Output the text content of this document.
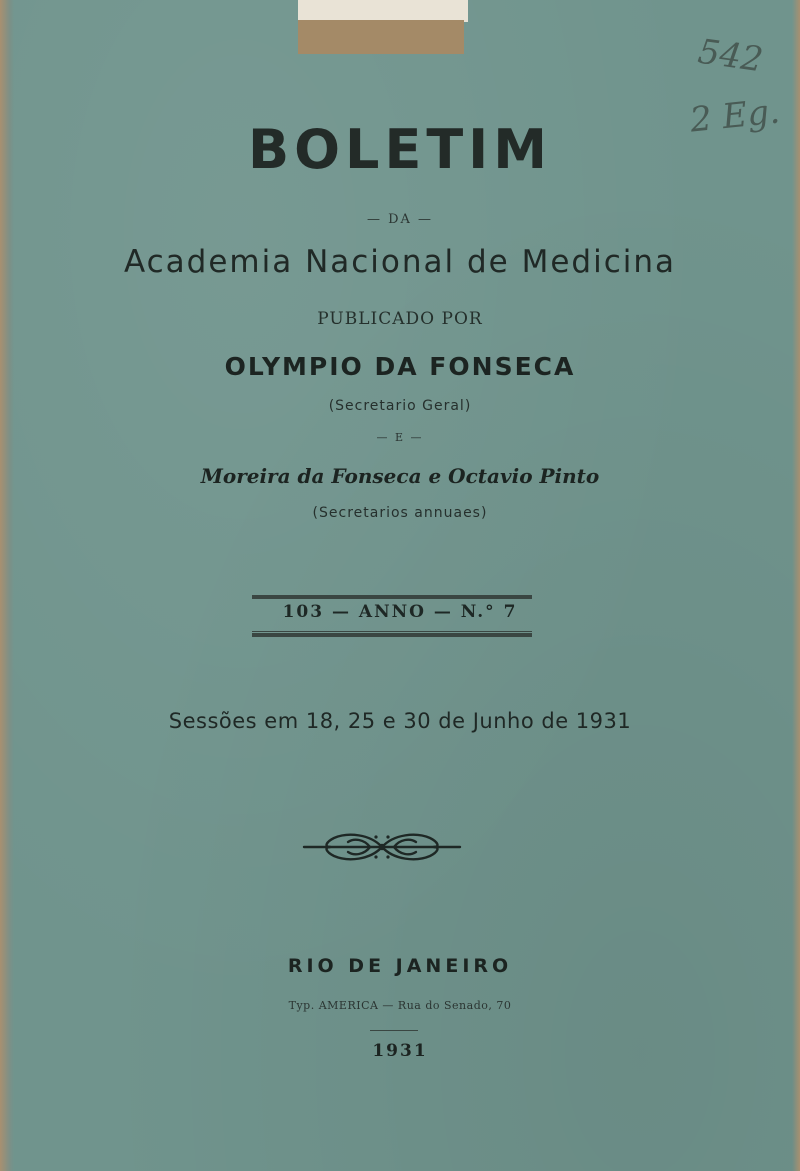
542
2 Eg.
BOLETIM
— DA —
Academia Nacional de Medicina
PUBLICADO POR
OLYMPIO DA FONSECA
(Secretario Geral)
— E —
Moreira da Fonseca e Octavio Pinto
(Secretarios annuaes)
103 — ANNO — N.° 7
Sessões em 18, 25 e 30 de Junho de 1931
RIO DE JANEIRO
Typ. AMERICA — Rua do Senado, 70
1931
